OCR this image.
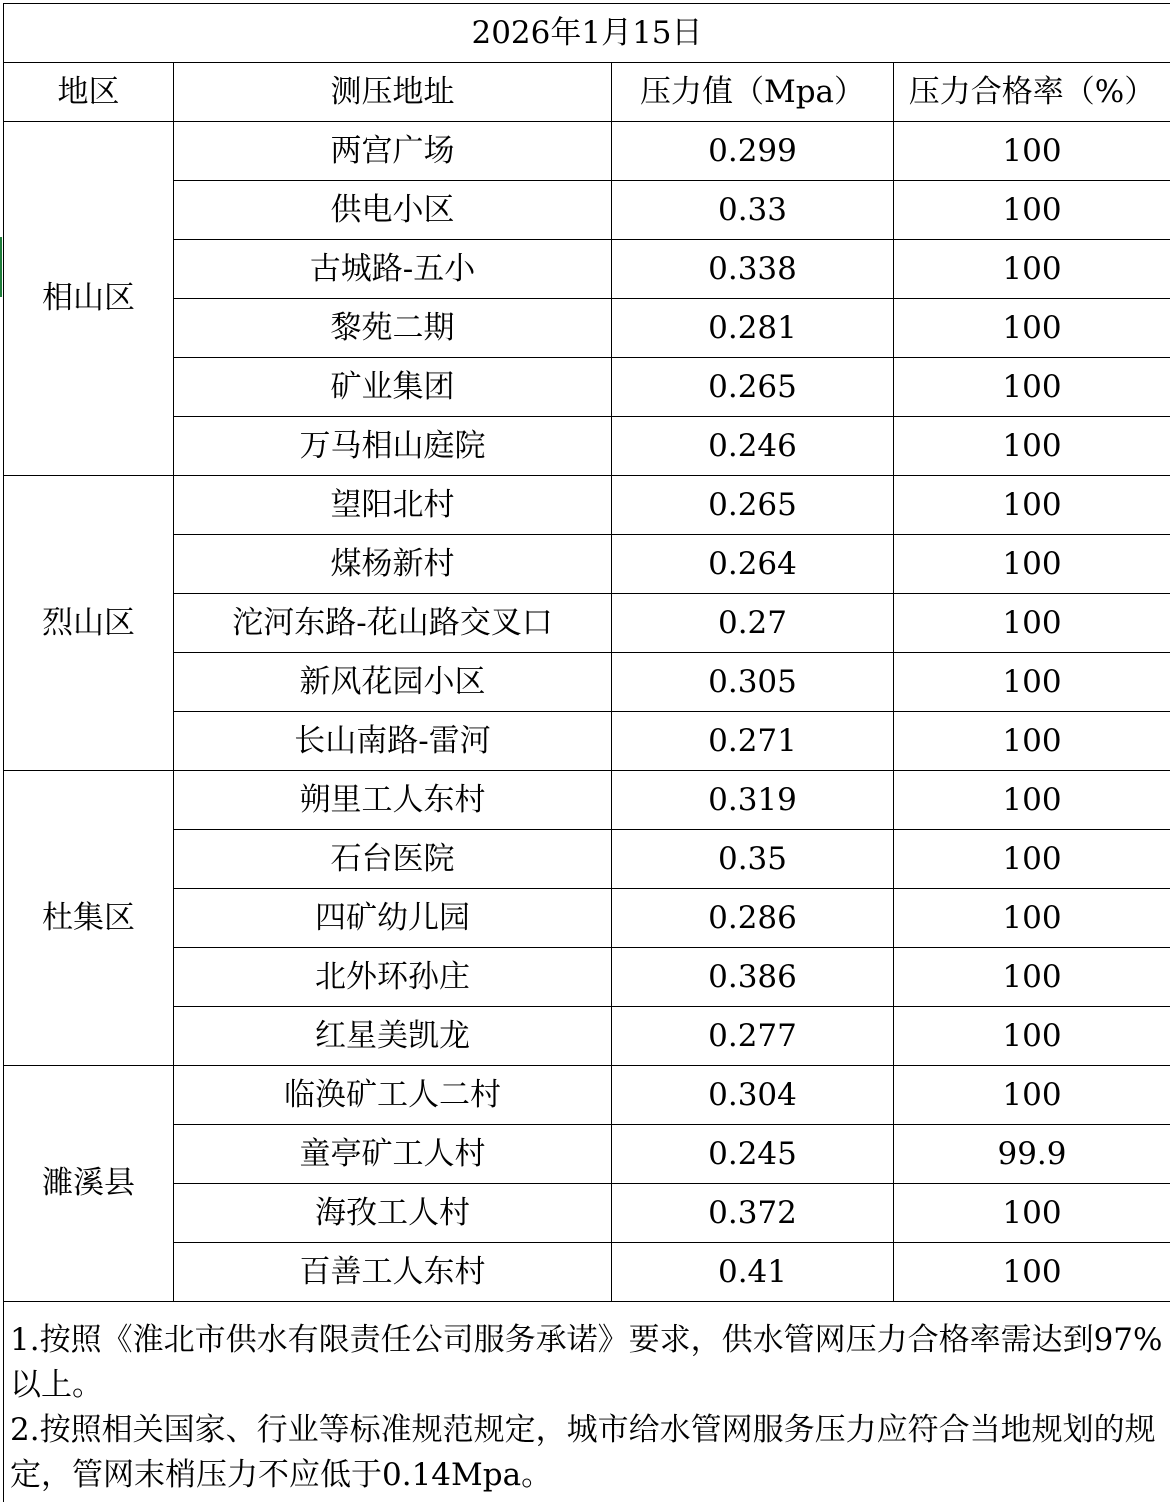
2026年1月15日			
地区	测压地址	压力值（Mpa）	压力合格率（%）
相山区	两宫广场	0.299	100
	供电小区	0.33	100
	古城路-五小	0.338	100
	黎苑二期	0.281	100
	矿业集团	0.265	100
	万马相山庭院	0.246	100
烈山区	望阳北村	0.265	100
	煤杨新村	0.264	100
	沱河东路-花山路交叉口	0.27	100
	新风花园小区	0.305	100
	长山南路-雷河	0.271	100
杜集区	朔里工人东村	0.319	100
	石台医院	0.35	100
	四矿幼儿园	0.286	100
	北外环孙庄	0.386	100
	红星美凯龙	0.277	100
濉溪县	临涣矿工人二村	0.304	100
	童亭矿工人村	0.245	99.9
	海孜工人村	0.372	100
	百善工人东村	0.41	100

1.按照《淮北市供水有限责任公司服务承诺》要求，供水管网压力合格率需达到97%以上。
2.按照相关国家、行业等标准规范规定，城市给水管网服务压力应符合当地规划的规定，管网末梢压力不应低于0.14Mpa。			
